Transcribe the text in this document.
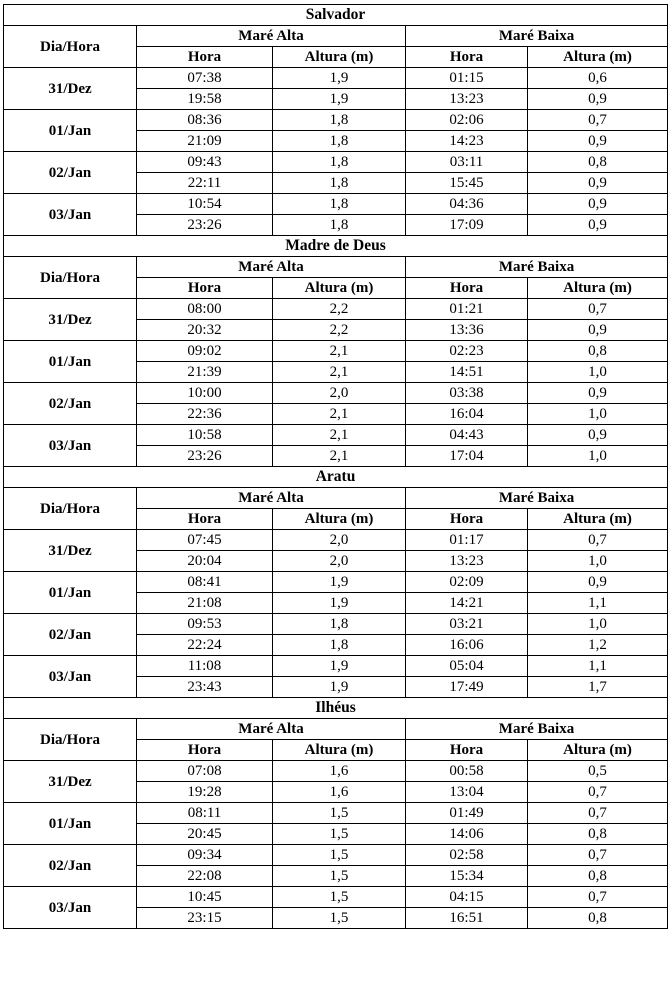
Salvador				
Dia/Hora	Maré Alta		Maré Baixa	
	Hora	Altura (m)	Hora	Altura (m)
31/Dez	07:38	1,9	01:15	0,6
	19:58	1,9	13:23	0,9
01/Jan	08:36	1,8	02:06	0,7
	21:09	1,8	14:23	0,9
02/Jan	09:43	1,8	03:11	0,8
	22:11	1,8	15:45	0,9
03/Jan	10:54	1,8	04:36	0,9
	23:26	1,8	17:09	0,9
Madre de Deus				
Dia/Hora	Maré Alta		Maré Baixa	
	Hora	Altura (m)	Hora	Altura (m)
31/Dez	08:00	2,2	01:21	0,7
	20:32	2,2	13:36	0,9
01/Jan	09:02	2,1	02:23	0,8
	21:39	2,1	14:51	1,0
02/Jan	10:00	2,0	03:38	0,9
	22:36	2,1	16:04	1,0
03/Jan	10:58	2,1	04:43	0,9
	23:26	2,1	17:04	1,0
Aratu				
Dia/Hora	Maré Alta		Maré Baixa	
	Hora	Altura (m)	Hora	Altura (m)
31/Dez	07:45	2,0	01:17	0,7
	20:04	2,0	13:23	1,0
01/Jan	08:41	1,9	02:09	0,9
	21:08	1,9	14:21	1,1
02/Jan	09:53	1,8	03:21	1,0
	22:24	1,8	16:06	1,2
03/Jan	11:08	1,9	05:04	1,1
	23:43	1,9	17:49	1,7
Ilhéus				
Dia/Hora	Maré Alta		Maré Baixa	
	Hora	Altura (m)	Hora	Altura (m)
31/Dez	07:08	1,6	00:58	0,5
	19:28	1,6	13:04	0,7
01/Jan	08:11	1,5	01:49	0,7
	20:45	1,5	14:06	0,8
02/Jan	09:34	1,5	02:58	0,7
	22:08	1,5	15:34	0,8
03/Jan	10:45	1,5	04:15	0,7
	23:15	1,5	16:51	0,8
